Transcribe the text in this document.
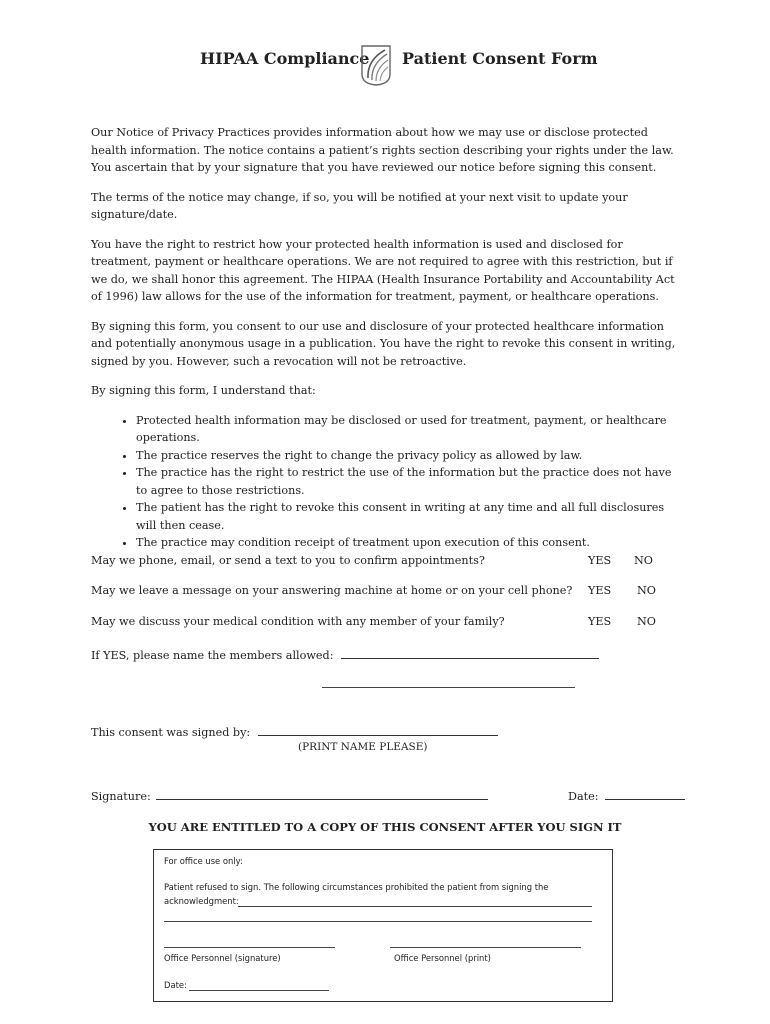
HIPAA Compliance Patient Consent Form

Our Notice of Privacy Practices provides information about how we may use or disclose protected health information. The notice contains a patient’s rights section describing your rights under the law. You ascertain that by your signature that you have reviewed our notice before signing this consent.

The terms of the notice may change, if so, you will be notified at your next visit to update your signature/date.

You have the right to restrict how your protected health information is used and disclosed for treatment, payment or healthcare operations. We are not required to agree with this restriction, but if we do, we shall honor this agreement. The HIPAA (Health Insurance Portability and Accountability Act of 1996) law allows for the use of the information for treatment, payment, or healthcare operations.

By signing this form, you consent to our use and disclosure of your protected healthcare information and potentially anonymous usage in a publication. You have the right to revoke this consent in writing, signed by you. However, such a revocation will not be retroactive.

By signing this form, I understand that:

• Protected health information may be disclosed or used for treatment, payment, or healthcare operations.
• The practice reserves the right to change the privacy policy as allowed by law.
• The practice has the right to restrict the use of the information but the practice does not have to agree to those restrictions.
• The patient has the right to revoke this consent in writing at any time and all full disclosures will then cease.
• The practice may condition receipt of treatment upon execution of this consent.
May we phone, email, or send a text to you to confirm appointments?	YES NO
May we leave a message on your answering machine at home or on your cell phone? YES NO
May we discuss your medical condition with any member of your family?	YES NO
If YES, please name the members allowed:
This consent was signed by:
(PRINT NAME PLEASE)
Signature:	Date:
YOU ARE ENTITLED TO A COPY OF THIS CONSENT AFTER YOU SIGN IT
For office use only:
Patient refused to sign. The following circumstances prohibited the patient from signing the
acknowledgment:
Office Personnel (signature)	Office Personnel (print)
Date:
